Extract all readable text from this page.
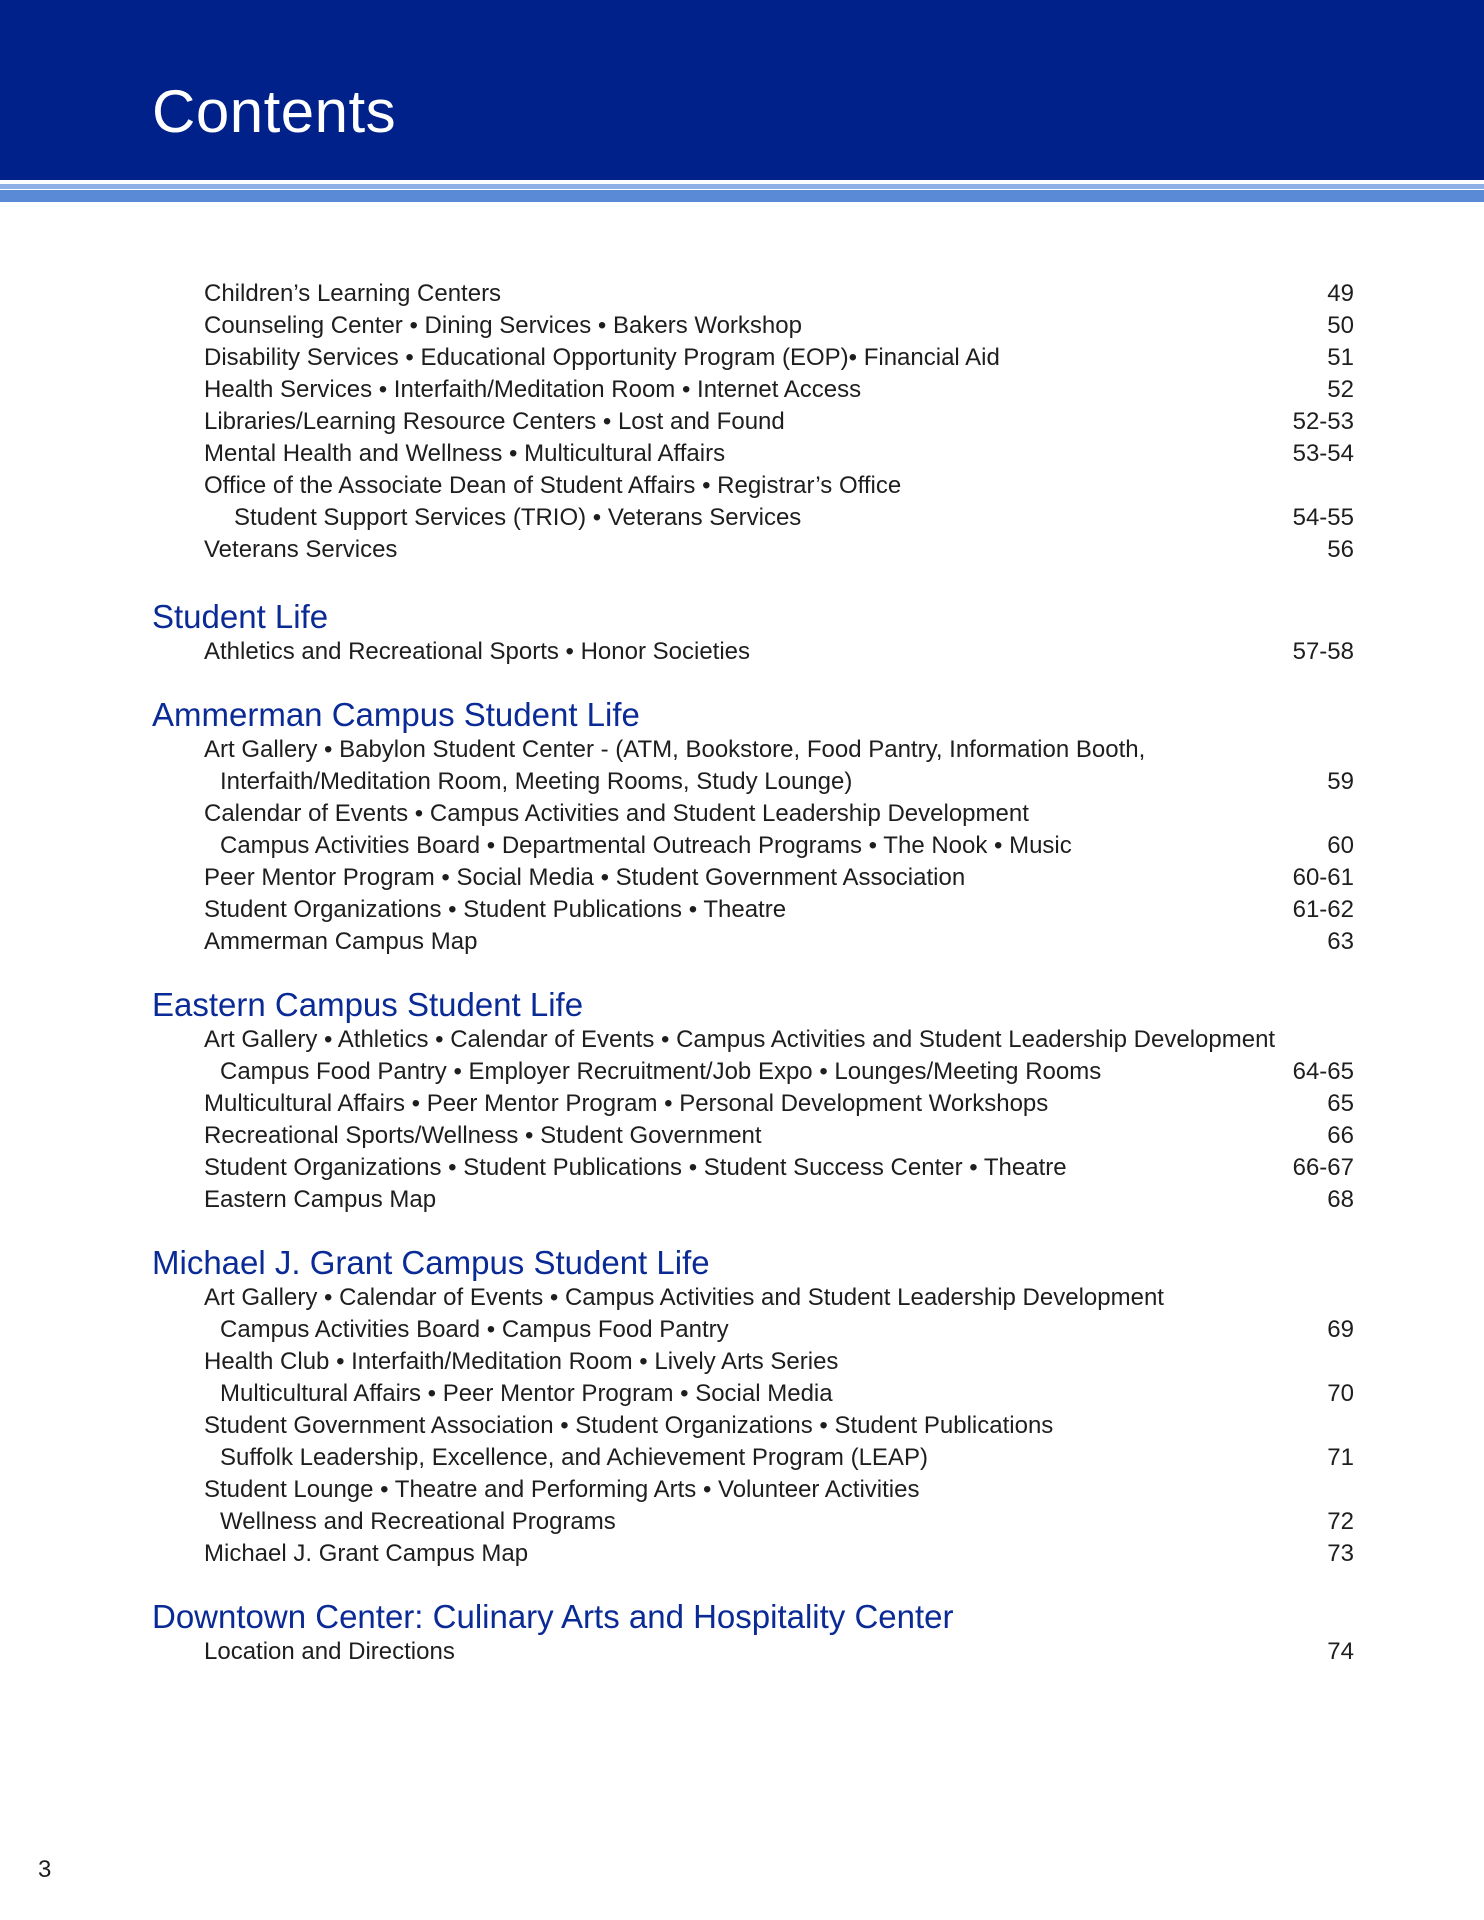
Contents
Children’s Learning Centers	49
Counseling Center • Dining Services • Bakers Workshop	50
Disability Services • Educational Opportunity Program (EOP)• Financial Aid	51
Health Services • Interfaith/Meditation Room • Internet Access	52
Libraries/Learning Resource Centers • Lost and Found	52-53
Mental Health and Wellness • Multicultural Affairs	53-54
Office of the Associate Dean of Student Affairs • Registrar’s Office
Student Support Services (TRIO) • Veterans Services	54-55
Veterans Services	56
Student Life
Athletics and Recreational Sports • Honor Societies	57-58
Ammerman Campus Student Life
Art Gallery • Babylon Student Center - (ATM, Bookstore, Food Pantry, Information Booth,
Interfaith/Meditation Room, Meeting Rooms, Study Lounge)	59
Calendar of Events • Campus Activities and Student Leadership Development
Campus Activities Board • Departmental Outreach Programs • The Nook • Music	60
Peer Mentor Program • Social Media • Student Government Association	60-61
Student Organizations • Student Publications • Theatre	61-62
Ammerman Campus Map	63
Eastern Campus Student Life
Art Gallery • Athletics • Calendar of Events • Campus Activities and Student Leadership Development
Campus Food Pantry • Employer Recruitment/Job Expo • Lounges/Meeting Rooms	64-65
Multicultural Affairs • Peer Mentor Program • Personal Development Workshops	65
Recreational Sports/Wellness • Student Government	66
Student Organizations • Student Publications • Student Success Center • Theatre	66-67
Eastern Campus Map	68
Michael J. Grant Campus Student Life
Art Gallery • Calendar of Events • Campus Activities and Student Leadership Development
Campus Activities Board • Campus Food Pantry	69
Health Club • Interfaith/Meditation Room • Lively Arts Series
Multicultural Affairs • Peer Mentor Program • Social Media	70
Student Government Association • Student Organizations • Student Publications
Suffolk Leadership, Excellence, and Achievement Program (LEAP)	71
Student Lounge • Theatre and Performing Arts • Volunteer Activities
Wellness and Recreational Programs	72
Michael J. Grant Campus Map	73
Downtown Center: Culinary Arts and Hospitality Center
Location and Directions	74
3
